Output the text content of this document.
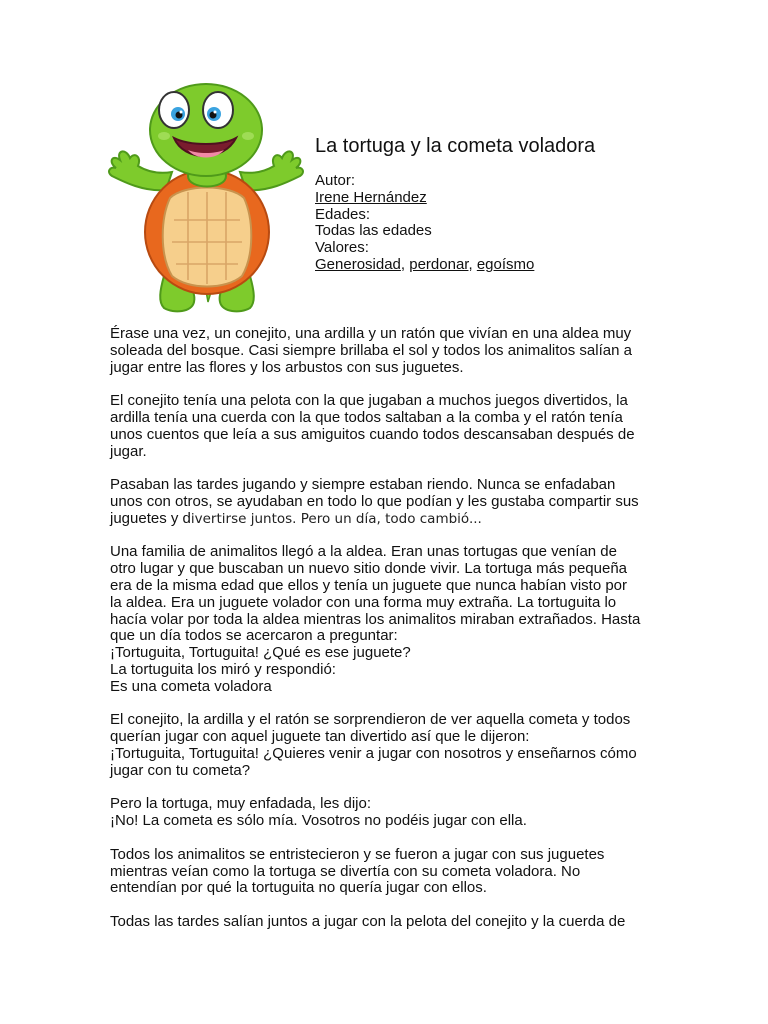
La tortuga y la cometa voladora
Autor:
Irene Hernández
Edades:
Todas las edades
Valores:
Generosidad, perdonar, egoísmo

Érase una vez, un conejito, una ardilla y un ratón que vivían en una aldea muy
soleada del bosque. Casi siempre brillaba el sol y todos los animalitos salían a
jugar entre las flores y los arbustos con sus juguetes.

El conejito tenía una pelota con la que jugaban a muchos juegos divertidos, la
ardilla tenía una cuerda con la que todos saltaban a la comba y el ratón tenía
unos cuentos que leía a sus amiguitos cuando todos descansaban después de
jugar.

Pasaban las tardes jugando y siempre estaban riendo. Nunca se enfadaban
unos con otros, se ayudaban en todo lo que podían y les gustaba compartir sus
juguetes y divertirse juntos. Pero un día, todo cambió...

Una familia de animalitos llegó a la aldea. Eran unas tortugas que venían de
otro lugar y que buscaban un nuevo sitio donde vivir. La tortuga más pequeña
era de la misma edad que ellos y tenía un juguete que nunca habían visto por
la aldea. Era un juguete volador con una forma muy extraña. La tortuguita lo
hacía volar por toda la aldea mientras los animalitos miraban extrañados. Hasta
que un día todos se acercaron a preguntar:
¡Tortuguita, Tortuguita! ¿Qué es ese juguete?
La tortuguita los miró y respondió:
Es una cometa voladora

El conejito, la ardilla y el ratón se sorprendieron de ver aquella cometa y todos
querían jugar con aquel juguete tan divertido así que le dijeron:
¡Tortuguita, Tortuguita! ¿Quieres venir a jugar con nosotros y enseñarnos cómo
jugar con tu cometa?

Pero la tortuga, muy enfadada, les dijo:
¡No! La cometa es sólo mía. Vosotros no podéis jugar con ella.

Todos los animalitos se entristecieron y se fueron a jugar con sus juguetes
mientras veían como la tortuga se divertía con su cometa voladora. No
entendían por qué la tortuguita no quería jugar con ellos.

Todas las tardes salían juntos a jugar con la pelota del conejito y la cuerda de
